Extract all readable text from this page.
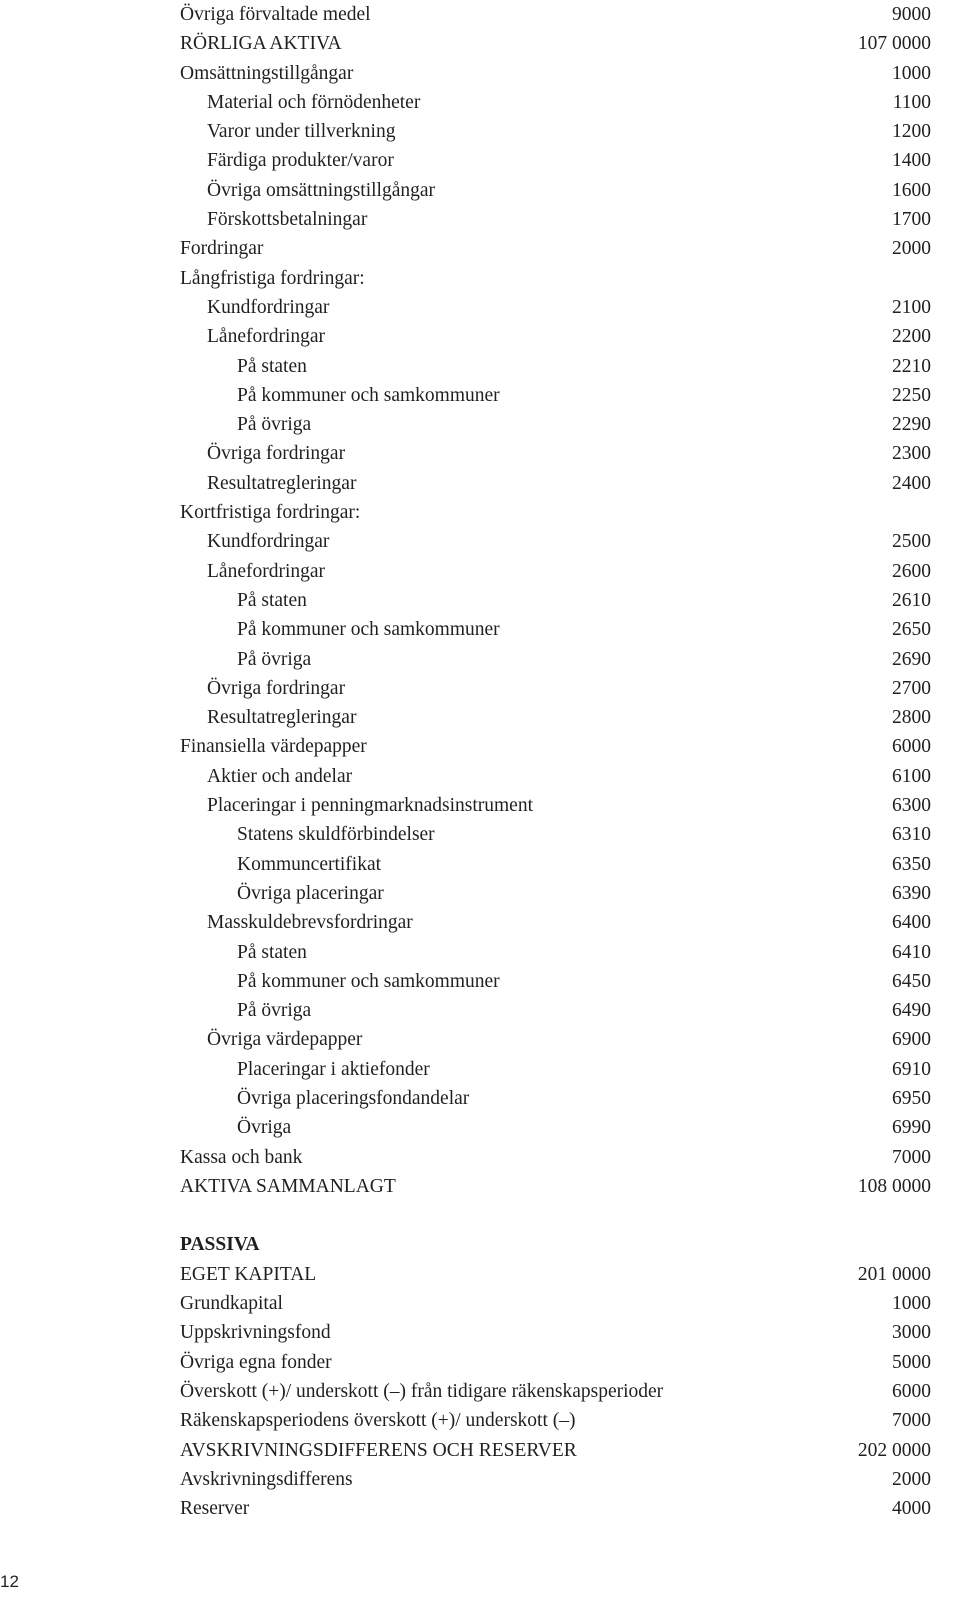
Övriga förvaltade medel	9000
RÖRLIGA AKTIVA	107 0000
Omsättningstillgångar	1000
Material och förnödenheter	1100
Varor under tillverkning	1200
Färdiga produkter/varor	1400
Övriga omsättningstillgångar	1600
Förskottsbetalningar	1700
Fordringar	2000
Långfristiga fordringar:
Kundfordringar	2100
Lånefordringar	2200
På staten	2210
På kommuner och samkommuner	2250
På övriga	2290
Övriga fordringar	2300
Resultatregleringar	2400
Kortfristiga fordringar:
Kundfordringar	2500
Lånefordringar	2600
På staten	2610
På kommuner och samkommuner	2650
På övriga	2690
Övriga fordringar	2700
Resultatregleringar	2800
Finansiella värdepapper	6000
Aktier och andelar	6100
Placeringar i penningmarknadsinstrument	6300
Statens skuldförbindelser	6310
Kommuncertifikat	6350
Övriga placeringar	6390
Masskuldebrevsfordringar	6400
På staten	6410
På kommuner och samkommuner	6450
På övriga	6490
Övriga värdepapper	6900
Placeringar i aktiefonder	6910
Övriga placeringsfondandelar	6950
Övriga	6990
Kassa och bank	7000
AKTIVA SAMMANLAGT	108 0000
PASSIVA
EGET KAPITAL	201 0000
Grundkapital	1000
Uppskrivningsfond	3000
Övriga egna fonder	5000
Överskott (+)/ underskott (–) från tidigare räkenskapsperioder	6000
Räkenskapsperiodens överskott (+)/ underskott (–)	7000
AVSKRIVNINGSDIFFERENS OCH RESERVER	202 0000
Avskrivningsdifferens	2000
Reserver	4000
12
